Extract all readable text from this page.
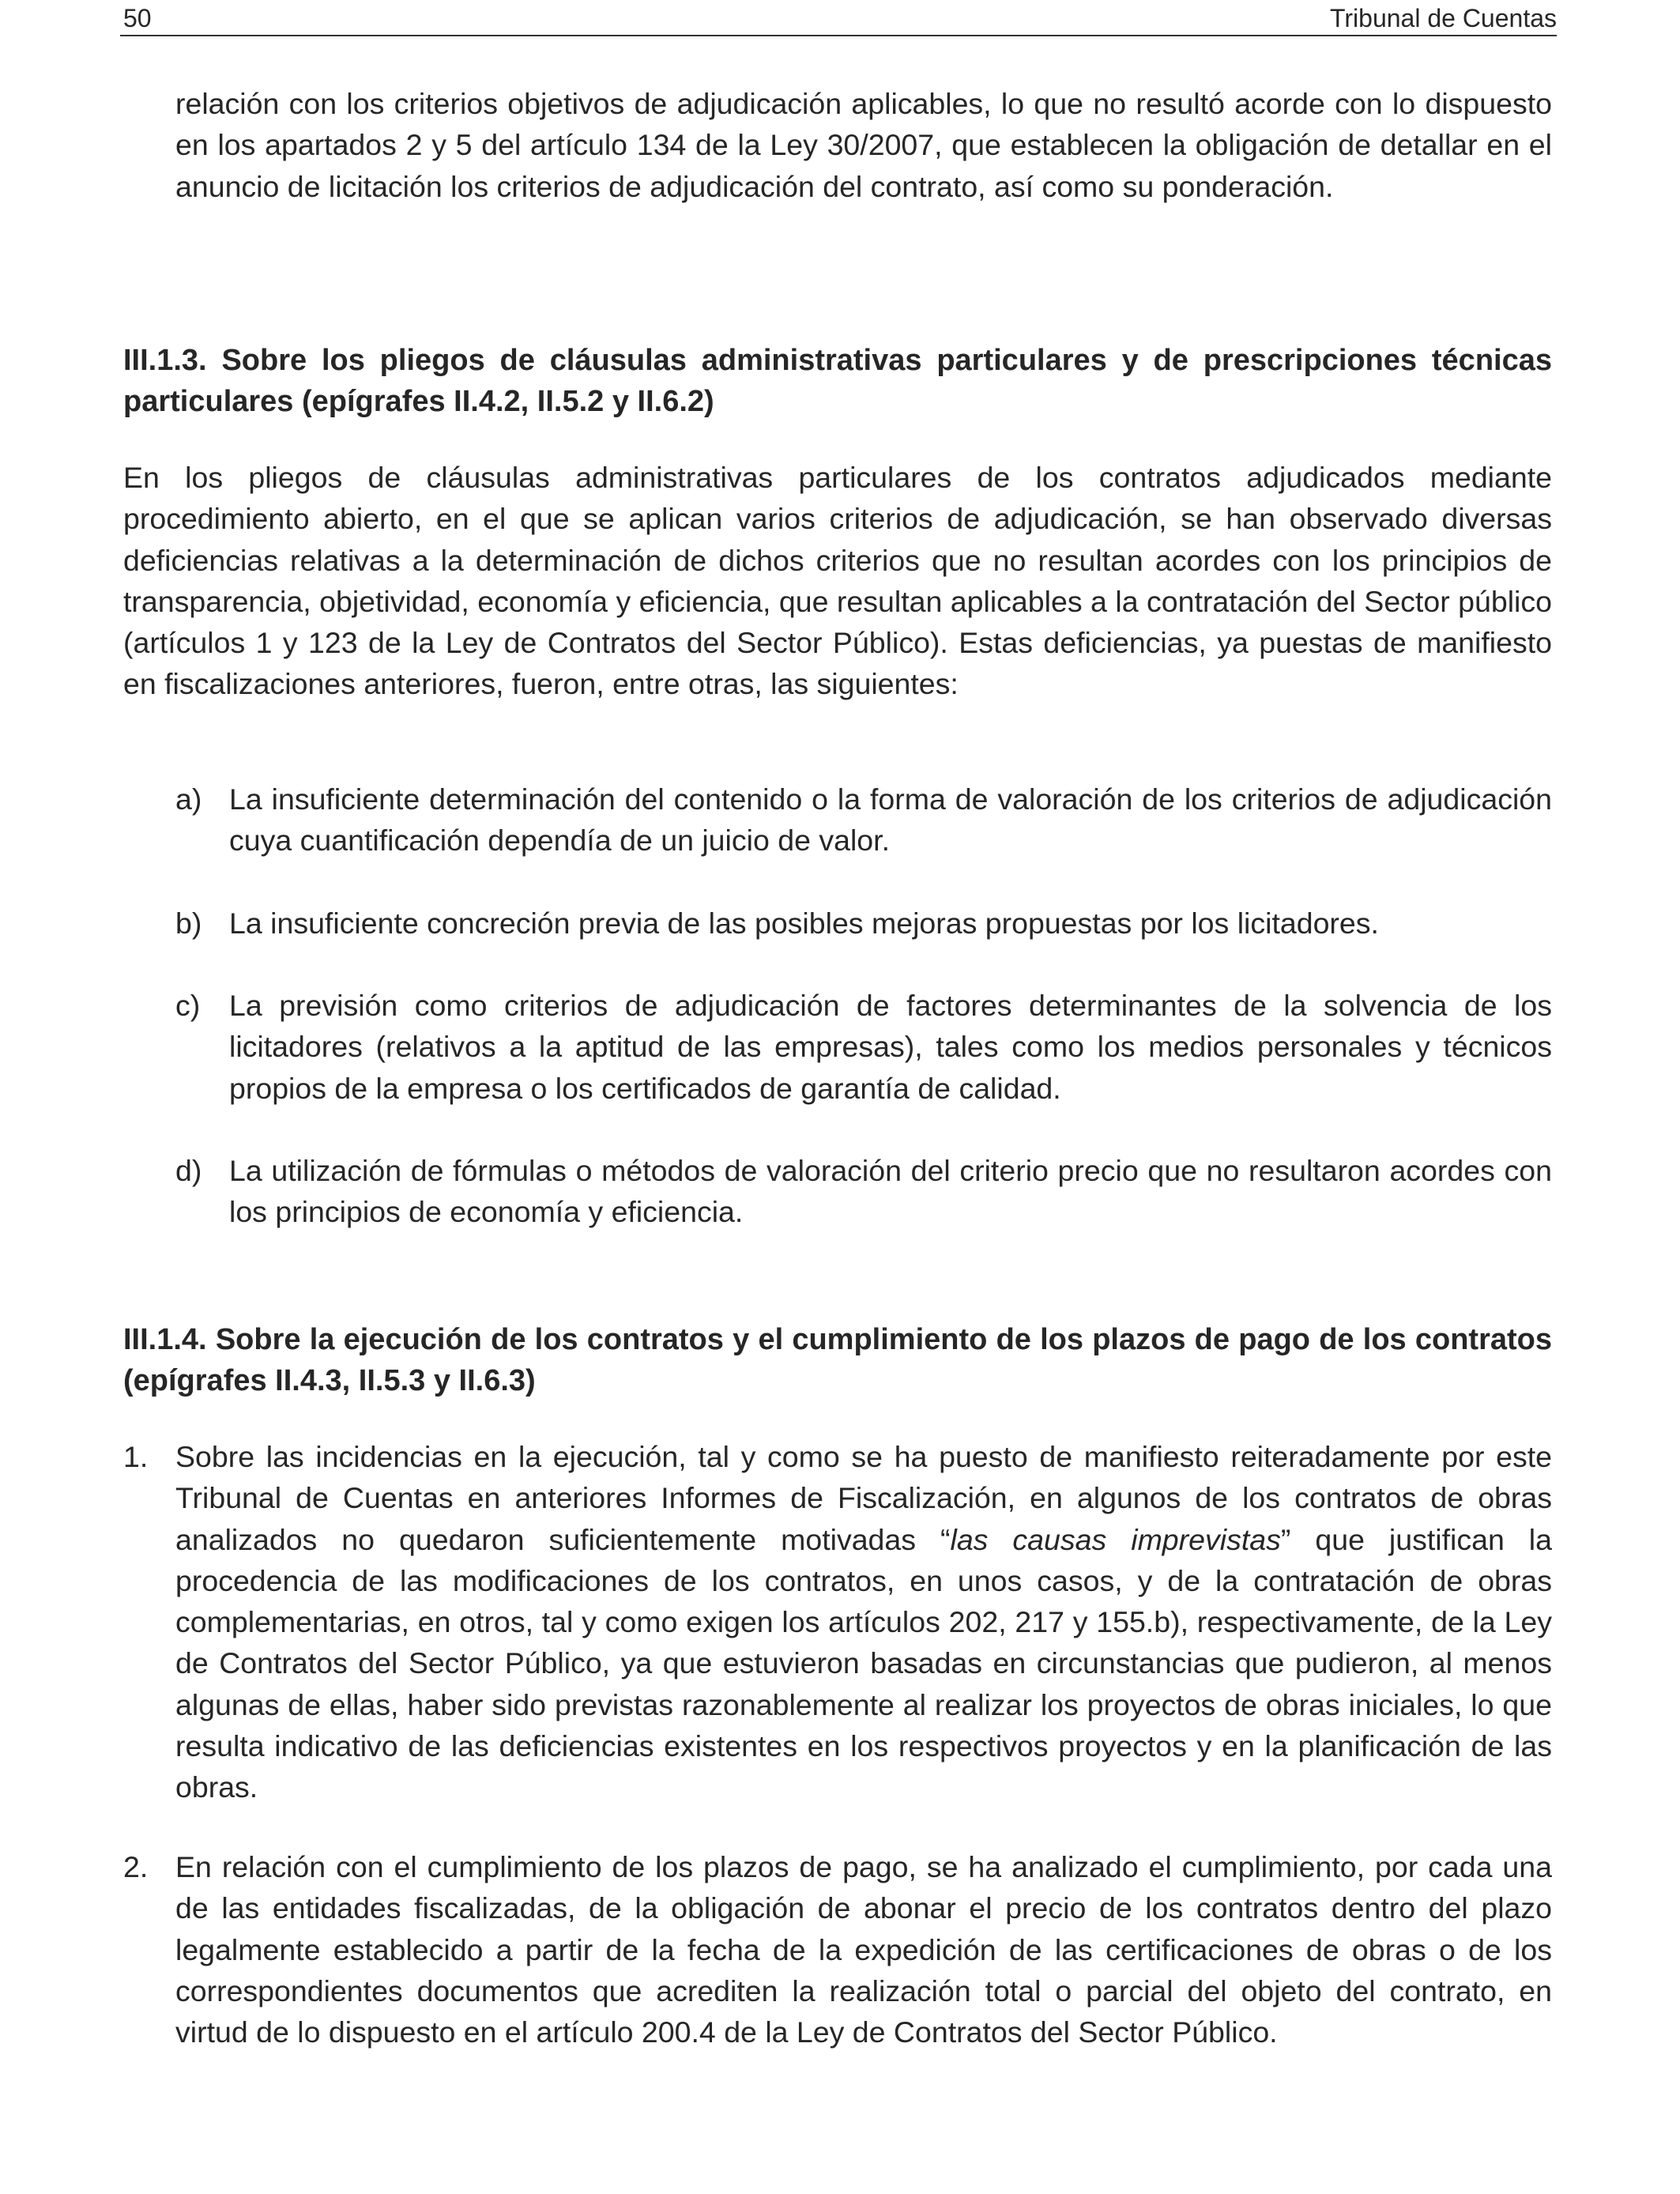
50	Tribunal de Cuentas

relación con los criterios objetivos de adjudicación aplicables, lo que no resultó acorde con lo dispuesto en los apartados 2 y 5 del artículo 134 de la Ley 30/2007, que establecen la obligación de detallar en el anuncio de licitación los criterios de adjudicación del contrato, así como su ponderación.

III.1.3. Sobre los pliegos de cláusulas administrativas particulares y de prescripciones técnicas particulares (epígrafes II.4.2, II.5.2 y II.6.2)

En los pliegos de cláusulas administrativas particulares de los contratos adjudicados mediante procedimiento abierto, en el que se aplican varios criterios de adjudicación, se han observado diversas deficiencias relativas a la determinación de dichos criterios que no resultan acordes con los principios de transparencia, objetividad, economía y eficiencia, que resultan aplicables a la contratación del Sector público (artículos 1 y 123 de la Ley de Contratos del Sector Público). Estas deficiencias, ya puestas de manifiesto en fiscalizaciones anteriores, fueron, entre otras, las siguientes:

a) La insuficiente determinación del contenido o la forma de valoración de los criterios de adjudicación cuya cuantificación dependía de un juicio de valor.

b) La insuficiente concreción previa de las posibles mejoras propuestas por los licitadores.

c) La previsión como criterios de adjudicación de factores determinantes de la solvencia de los licitadores (relativos a la aptitud de las empresas), tales como los medios personales y técnicos propios de la empresa o los certificados de garantía de calidad.

d) La utilización de fórmulas o métodos de valoración del criterio precio que no resultaron acordes con los principios de economía y eficiencia.

III.1.4. Sobre la ejecución de los contratos y el cumplimiento de los plazos de pago de los contratos (epígrafes II.4.3, II.5.3 y II.6.3)

1. Sobre las incidencias en la ejecución, tal y como se ha puesto de manifiesto reiteradamente por este Tribunal de Cuentas en anteriores Informes de Fiscalización, en algunos de los contratos de obras analizados no quedaron suficientemente motivadas “las causas imprevistas” que justifican la procedencia de las modificaciones de los contratos, en unos casos, y de la contratación de obras complementarias, en otros, tal y como exigen los artículos 202, 217 y 155.b), respectivamente, de la Ley de Contratos del Sector Público, ya que estuvieron basadas en circunstancias que pudieron, al menos algunas de ellas, haber sido previstas razonablemente al realizar los proyectos de obras iniciales, lo que resulta indicativo de las deficiencias existentes en los respectivos proyectos y en la planificación de las obras.

2. En relación con el cumplimiento de los plazos de pago, se ha analizado el cumplimiento, por cada una de las entidades fiscalizadas, de la obligación de abonar el precio de los contratos dentro del plazo legalmente establecido a partir de la fecha de la expedición de las certificaciones de obras o de los correspondientes documentos que acrediten la realización total o parcial del objeto del contrato, en virtud de lo dispuesto en el artículo 200.4 de la Ley de Contratos del Sector Público.
